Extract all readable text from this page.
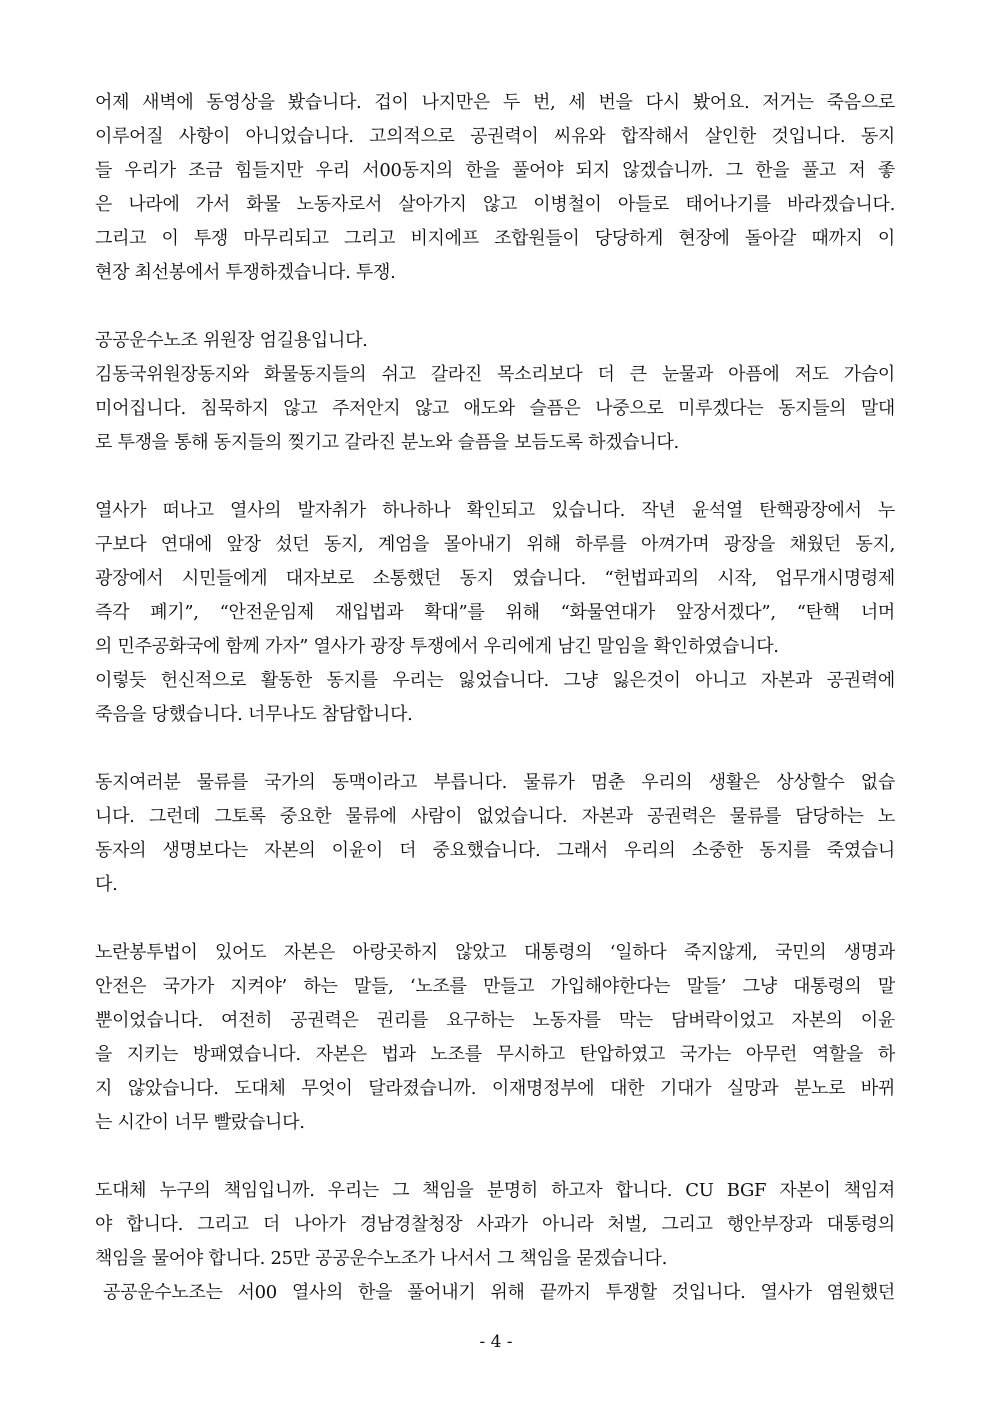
어제 새벽에 동영상을 봤습니다. 겁이 나지만은 두 번, 세 번을 다시 봤어요. 저거는 죽음으로
이루어질 사항이 아니었습니다. 고의적으로 공권력이 씨유와 합작해서 살인한 것입니다. 동지
들 우리가 조금 힘들지만 우리 서00동지의 한을 풀어야 되지 않겠습니까. 그 한을 풀고 저 좋
은 나라에 가서 화물 노동자로서 살아가지 않고 이병철이 아들로 태어나기를 바라겠습니다.
그리고 이 투쟁 마무리되고 그리고 비지에프 조합원들이 당당하게 현장에 돌아갈 때까지 이
현장 최선봉에서 투쟁하겠습니다. 투쟁.
공공운수노조 위원장 엄길용입니다.
김동국위원장동지와 화물동지들의 쉬고 갈라진 목소리보다 더 큰 눈물과 아픔에 저도 가슴이
미어집니다. 침묵하지 않고 주저안지 않고 애도와 슬픔은 나중으로 미루겠다는 동지들의 말대
로 투쟁을 통해 동지들의 찢기고 갈라진 분노와 슬픔을 보듬도록 하겠습니다.
열사가 떠나고 열사의 발자취가 하나하나 확인되고 있습니다. 작년 윤석열 탄핵광장에서 누
구보다 연대에 앞장 섰던 동지, 계엄을 몰아내기 위해 하루를 아껴가며 광장을 채웠던 동지,
광장에서 시민들에게 대자보로 소통했던 동지 였습니다. “헌법파괴의 시작, 업무개시명령제
즉각 폐기”, “안전운임제 재입법과 확대”를 위해 “화물연대가 앞장서겠다”, “탄핵 너머
의 민주공화국에 함께 가자” 열사가 광장 투쟁에서 우리에게 남긴 말임을 확인하였습니다.
이렇듯 헌신적으로 활동한 동지를 우리는 잃었습니다. 그냥 잃은것이 아니고 자본과 공권력에
죽음을 당했습니다. 너무나도 참담합니다.
동지여러분 물류를 국가의 동맥이라고 부릅니다. 물류가 멈춘 우리의 생활은 상상할수 없습
니다. 그런데 그토록 중요한 물류에 사람이 없었습니다. 자본과 공권력은 물류를 담당하는 노
동자의 생명보다는 자본의 이윤이 더 중요했습니다. 그래서 우리의 소중한 동지를 죽였습니
다.
노란봉투법이 있어도 자본은 아랑곳하지 않았고 대통령의 ‘일하다 죽지않게, 국민의 생명과
안전은 국가가 지켜야’ 하는 말들, ‘노조를 만들고 가입해야한다는 말들’ 그냥 대통령의 말
뿐이었습니다. 여전히 공권력은 권리를 요구하는 노동자를 막는 담벼락이었고 자본의 이윤
을 지키는 방패였습니다. 자본은 법과 노조를 무시하고 탄압하였고 국가는 아무런 역할을 하
지 않았습니다. 도대체 무엇이 달라졌습니까. 이재명정부에 대한 기대가 실망과 분노로 바뀌
는 시간이 너무 빨랐습니다.
도대체 누구의 책임입니까. 우리는 그 책임을 분명히 하고자 합니다. CU BGF 자본이 책임져
야 합니다. 그리고 더 나아가 경남경찰청장 사과가 아니라 처벌, 그리고 행안부장과 대통령의
책임을 물어야 합니다. 25만 공공운수노조가 나서서 그 책임을 묻겠습니다.
공공운수노조는 서00 열사의 한을 풀어내기 위해 끝까지 투쟁할 것입니다. 열사가 염원했던
- 4 -
